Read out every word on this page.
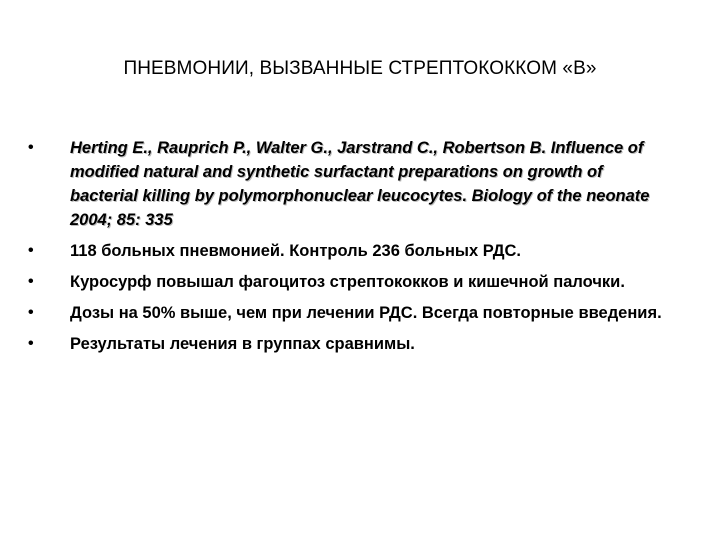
ПНЕВМОНИИ, ВЫЗВАННЫЕ СТРЕПТОКОККОМ «В»
•	Herting E., Rauprich P., Walter G., Jarstrand C., Robertson B. Influence of modified natural and synthetic surfactant preparations on growth of bacterial killing by polymorphonuclear leucocytes. Biology of the neonate 2004; 85: 335
•	118 больных пневмонией. Контроль 236 больных РДС.
•	Куросурф повышал фагоцитоз стрептококков и кишечной палочки.
•	Дозы на 50% выше, чем при лечении РДС. Всегда повторные введения.
•	Результаты лечения в группах сравнимы.
